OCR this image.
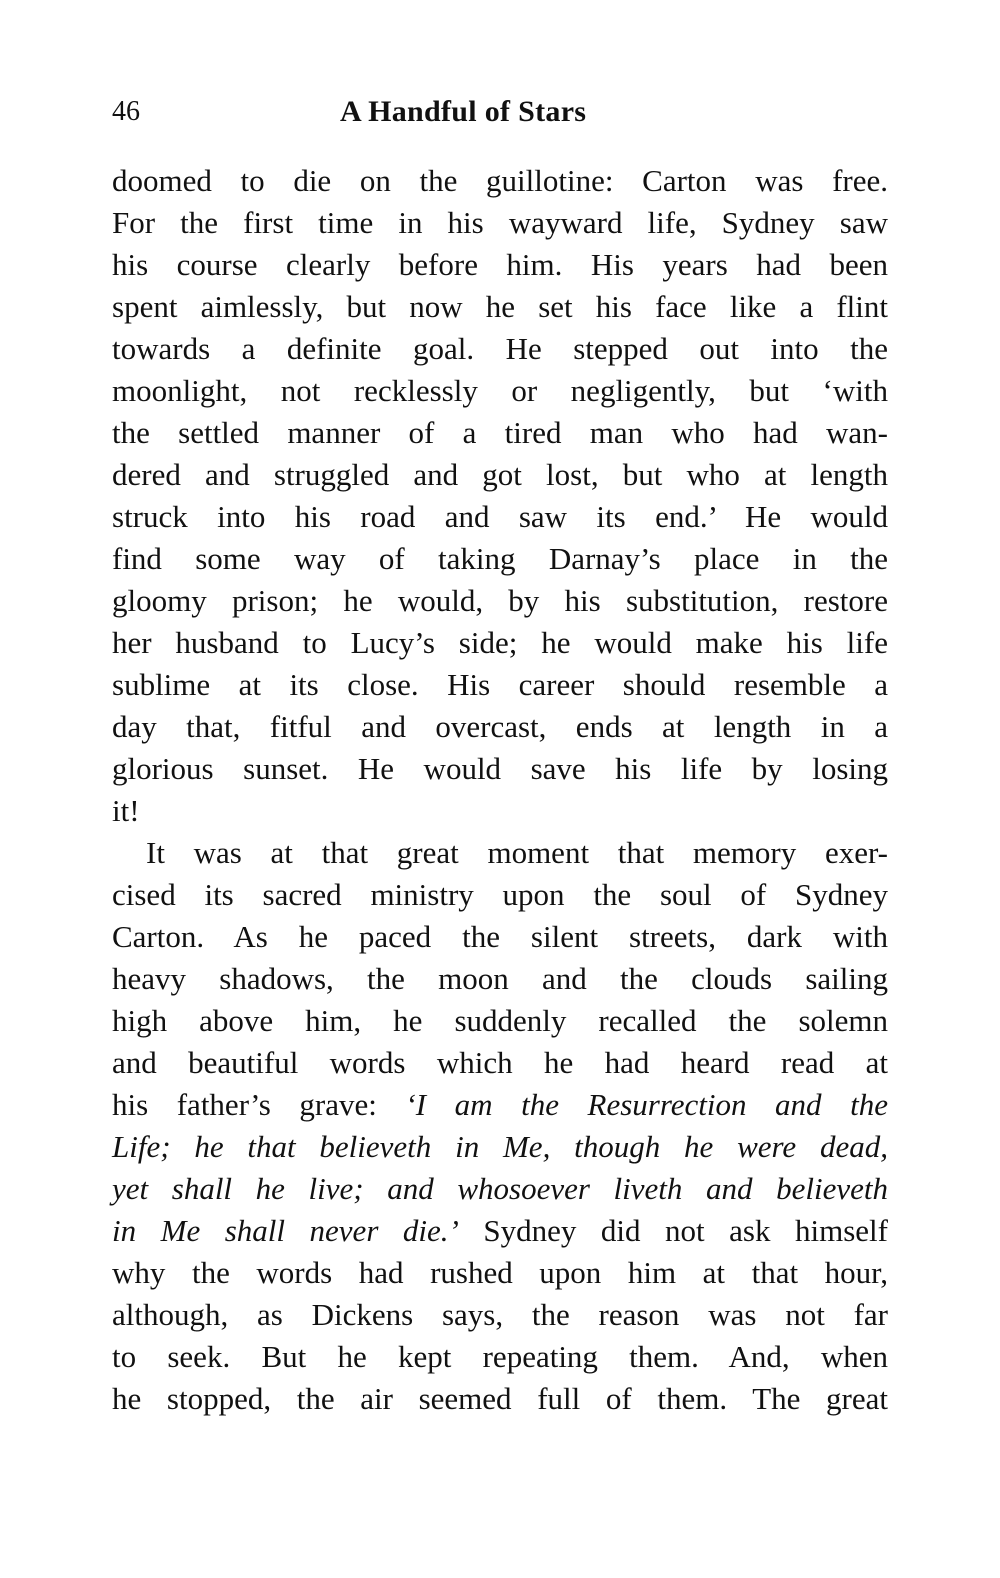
46	A Handful of Stars
doomed to die on the guillotine: Carton was free.
For the first time in his wayward life, Sydney saw
his course clearly before him. His years had been
spent aimlessly, but now he set his face like a flint
towards a definite goal. He stepped out into the
moonlight, not recklessly or negligently, but ‘with
the settled manner of a tired man who had wan-
dered and struggled and got lost, but who at length
struck into his road and saw its end.’ He would
find some way of taking Darnay’s place in the
gloomy prison; he would, by his substitution, restore
her husband to Lucy’s side; he would make his life
sublime at its close. His career should resemble a
day that, fitful and overcast, ends at length in a
glorious sunset. He would save his life by losing
it!
It was at that great moment that memory exer-
cised its sacred ministry upon the soul of Sydney
Carton. As he paced the silent streets, dark with
heavy shadows, the moon and the clouds sailing
high above him, he suddenly recalled the solemn
and beautiful words which he had heard read at
his father’s grave: ‘I am the Resurrection and the
Life; he that believeth in Me, though he were dead,
yet shall he live; and whosoever liveth and believeth
in Me shall never die.’ Sydney did not ask himself
why the words had rushed upon him at that hour,
although, as Dickens says, the reason was not far
to seek. But he kept repeating them. And, when
he stopped, the air seemed full of them. The great
